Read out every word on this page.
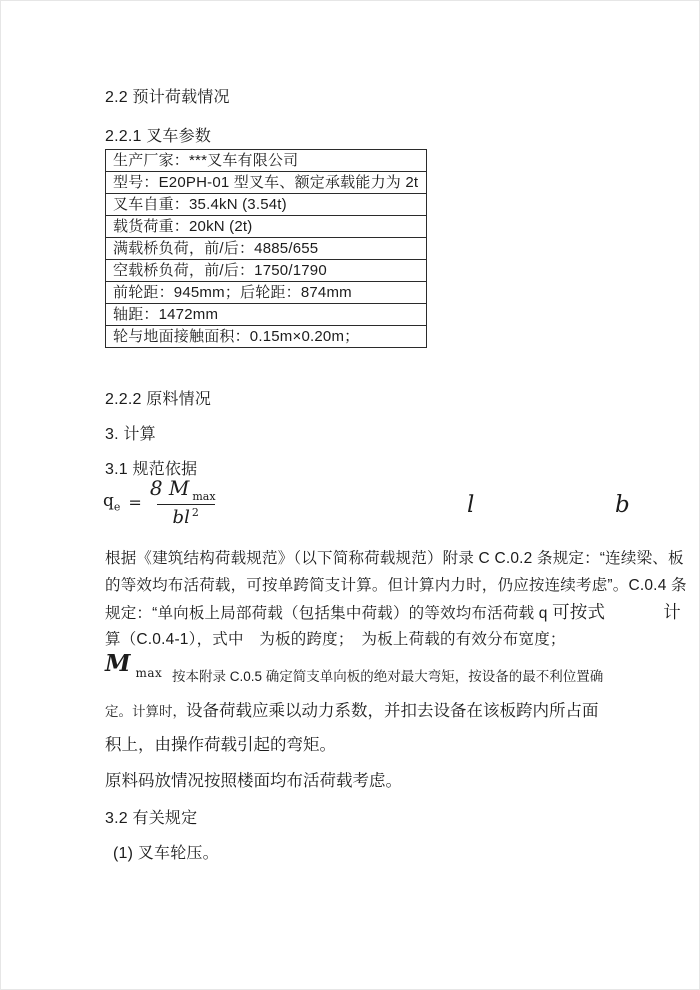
2.2 预计荷载情况
2.2.1 叉车参数
生产厂家：***叉车有限公司
型号：E20PH-01 型叉车、额定承载能力为 2t
叉车自重：35.4kN (3.54t)
载货荷重：20kN (2t)
满载桥负荷，前/后：4885/655
空载桥负荷，前/后：1750/1790
前轮距：945mm；后轮距：874mm
轴距：1472mm
轮与地面接触面积：0.15m×0.20m；
2.2.2 原料情况
3. 计算
3.1 规范依据
$q_e = \frac{8 M _{max}}{bl ^2}$	l	b
根据《建筑结构荷载规范》（以下简称荷载规范）附录 C C.0.2 条规定：“连续梁、板
的等效均布活荷载，可按单跨简支计算。但计算内力时，仍应按连续考虑”。C.0.4 条
规定：“单向板上局部荷载（包括集中荷载）的等效均布活荷载 q 可按式	计
算（C.0.4-1），式中　为板的跨度；　为板上荷载的有效分布宽度；
M $_{max}$ 按本附录 C.0.5 确定简支单向板的绝对最大弯矩，按设备的最不利位置确
定。计算时，设备荷载应乘以动力系数，并扣去设备在该板跨内所占面
积上，由操作荷载引起的弯矩。
原料码放情况按照楼面均布活荷载考虑。
3.2 有关规定
(1) 叉车轮压。
